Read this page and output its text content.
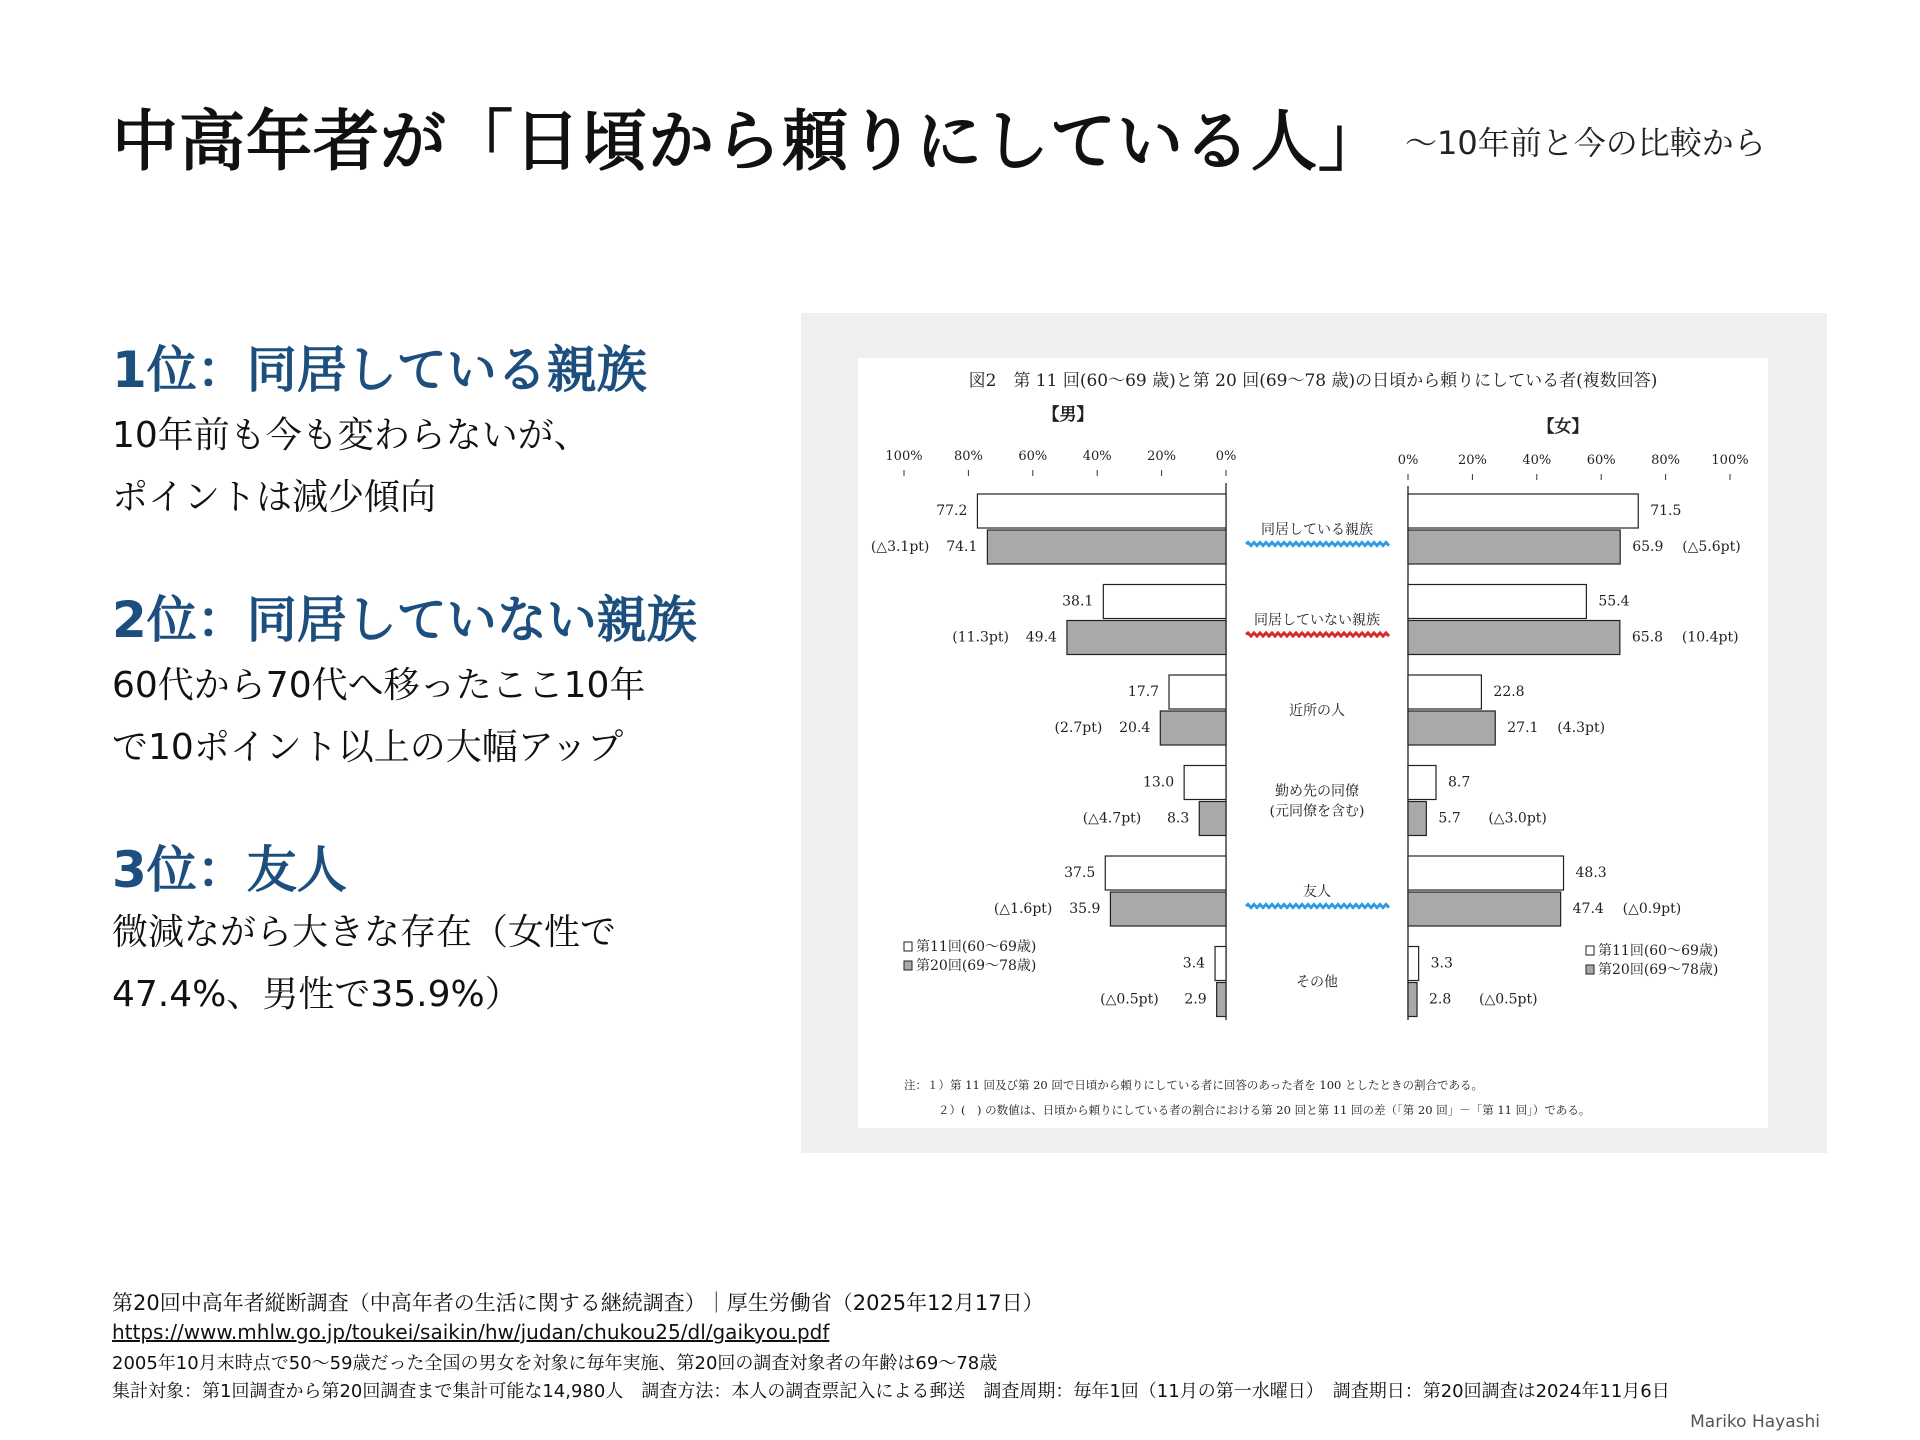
中高年者が「日頃から頼りにしている人」 〜10年前と今の比較から
1位：同居している親族
10年前も今も変わらないが、
ポイントは減少傾向
2位：同居していない親族
60代から70代へ移ったここ10年
で10ポイント以上の大幅アップ
3位：友人
微減ながら大きな存在（女性で
47.4%、男性で35.9%）
図2　第 11 回(60〜69 歳)と第 20 回(69〜78 歳)の日頃から頼りにしている者(複数回答)
【男】
【女】
0%	0%
20%	20%
40%	40%
60%	60%
80%	80%
100%	100%
77.2
74.1
(△3.1pt)
71.5
65.9 (△5.6pt)
同居している親族
38.1
49.4
(11.3pt)
55.4
65.8 (10.4pt)
同居していない親族
17.7
20.4
(2.7pt)
22.8
27.1 (4.3pt)
近所の人
13.0
8.3
(△4.7pt)
8.7
5.7 (△3.0pt)
勤め先の同僚
(元同僚を含む)
37.5
35.9
(△1.6pt)
48.3
47.4 (△0.9pt)
友人
3.4
2.9
(△0.5pt)
3.3
2.8 (△0.5pt)
その他
第11回(60〜69歳)
第20回(69〜78歳)
第11回(60〜69歳)
第20回(69〜78歳)
注：１）第 11 回及び第 20 回で日頃から頼りにしている者に回答のあった者を 100 としたときの割合である。
２）(　) の数値は、日頃から頼りにしている者の割合における第 20 回と第 11 回の差（「第 20 回」－「第 11 回」）である。
第20回中高年者縦断調査（中高年者の生活に関する継続調査）｜厚生労働省（2025年12月17日）
https://www.mhlw.go.jp/toukei/saikin/hw/judan/chukou25/dl/gaikyou.pdf
2005年10月末時点で50〜59歳だった全国の男女を対象に毎年実施、第20回の調査対象者の年齢は69〜78歳
集計対象：第1回調査から第20回調査まで集計可能な14,980人　調査方法：本人の調査票記入による郵送　調査周期：毎年1回（11月の第一水曜日）　調査期日：第20回調査は2024年11月6日
Mariko Hayashi
